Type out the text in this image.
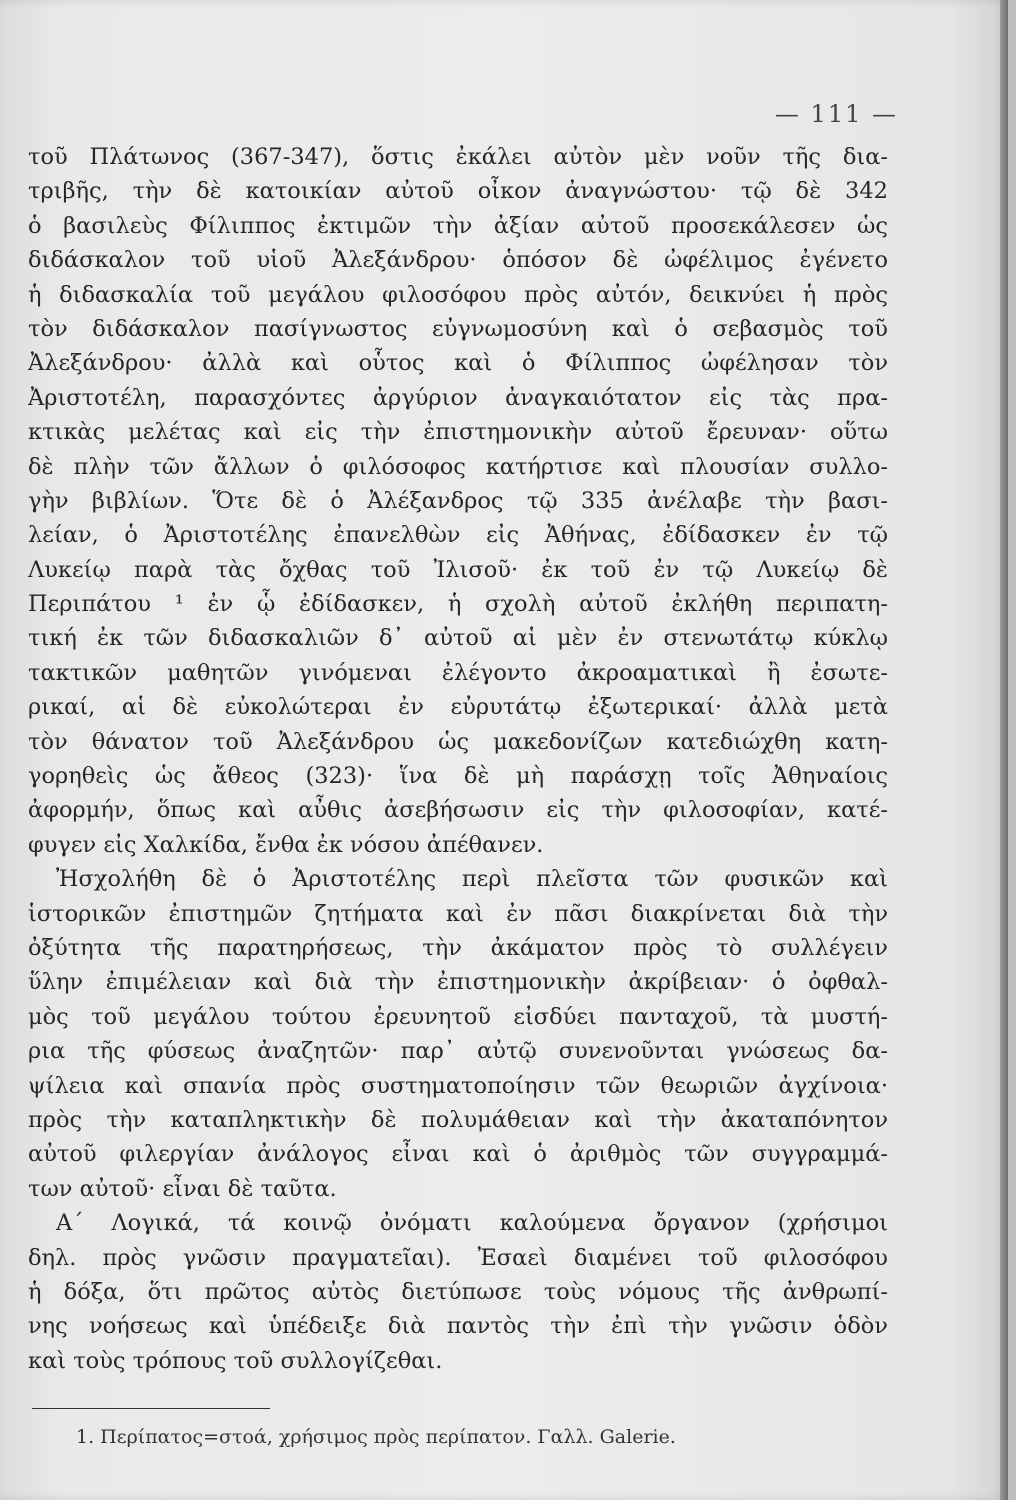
— 111 —
τοῦ Πλάτωνος (367-347), ὅστις ἐκάλει αὐτὸν μὲν νοῦν τῆς δια-
τριβῆς, τὴν δὲ κατοικίαν αὐτοῦ οἶκον ἀναγνώστου· τῷ δὲ 342
ὁ βασιλεὺς Φίλιππος ἐκτιμῶν τὴν ἀξίαν αὐτοῦ προσεκάλεσεν ὡς
διδάσκαλον τοῦ υἱοῦ Ἀλεξάνδρου· ὁπόσον δὲ ὠφέλιμος ἐγένετο
ἡ διδασκαλία τοῦ μεγάλου φιλοσόφου πρὸς αὐτόν, δεικνύει ἡ πρὸς
τὸν διδάσκαλον πασίγνωστος εὐγνωμοσύνη καὶ ὁ σεβασμὸς τοῦ
Ἀλεξάνδρου· ἀλλὰ καὶ οὗτος καὶ ὁ Φίλιππος ὠφέλησαν τὸν
Ἀριστοτέλη, παρασχόντες ἀργύριον ἀναγκαιότατον εἰς τὰς πρα-
κτικὰς μελέτας καὶ εἰς τὴν ἐπιστημονικὴν αὐτοῦ ἔρευναν· οὕτω
δὲ πλὴν τῶν ἄλλων ὁ φιλόσοφος κατήρτισε καὶ πλουσίαν συλλο-
γὴν βιβλίων. Ὅτε δὲ ὁ Ἀλέξανδρος τῷ 335 ἀνέλαβε τὴν βασι-
λείαν, ὁ Ἀριστοτέλης ἐπανελθὼν εἰς Ἀθήνας, ἐδίδασκεν ἐν τῷ
Λυκείῳ παρὰ τὰς ὄχθας τοῦ Ἰλισοῦ· ἐκ τοῦ ἐν τῷ Λυκείῳ δὲ
Περιπάτου ¹ ἐν ᾧ ἐδίδασκεν, ἡ σχολὴ αὐτοῦ ἐκλήθη περιπατη-
τική ἐκ τῶν διδασκαλιῶν δ᾽ αὐτοῦ αἱ μὲν ἐν στενωτάτῳ κύκλῳ
τακτικῶν μαθητῶν γινόμεναι ἐλέγοντο ἀκροαματικαὶ ἢ ἐσωτε-
ρικαί, αἱ δὲ εὐκολώτεραι ἐν εὐρυτάτῳ ἐξωτερικαί· ἀλλὰ μετὰ
τὸν θάνατον τοῦ Ἀλεξάνδρου ὡς μακεδονίζων κατεδιώχθη κατη-
γορηθεὶς ὡς ἄθεος (323)· ἵνα δὲ μὴ παράσχῃ τοῖς Ἀθηναίοις
ἀφορμήν, ὅπως καὶ αὖθις ἀσεβήσωσιν εἰς τὴν φιλοσοφίαν, κατέ-
φυγεν εἰς Χαλκίδα, ἔνθα ἐκ νόσου ἀπέθανεν.
Ἠσχολήθη δὲ ὁ Ἀριστοτέλης περὶ πλεῖστα τῶν φυσικῶν καὶ
ἱστορικῶν ἐπιστημῶν ζητήματα καὶ ἐν πᾶσι διακρίνεται διὰ τὴν
ὀξύτητα τῆς παρατηρήσεως, τὴν ἀκάματον πρὸς τὸ συλλέγειν
ὕλην ἐπιμέλειαν καὶ διὰ τὴν ἐπιστημονικὴν ἀκρίβειαν· ὁ ὀφθαλ-
μὸς τοῦ μεγάλου τούτου ἐρευνητοῦ εἰσδύει πανταχοῦ, τὰ μυστή-
ρια τῆς φύσεως ἀναζητῶν· παρ᾽ αὐτῷ συνενοῦνται γνώσεως δα-
ψίλεια καὶ σπανία πρὸς συστηματοποίησιν τῶν θεωριῶν ἀγχίνοια·
πρὸς τὴν καταπληκτικὴν δὲ πολυμάθειαν καὶ τὴν ἀκαταπόνητον
αὐτοῦ φιλεργίαν ἀνάλογος εἶναι καὶ ὁ ἀριθμὸς τῶν συγγραμμά-
των αὐτοῦ· εἶναι δὲ ταῦτα.
Α΄ Λογικά, τά κοινῷ ὀνόματι καλούμενα ὄργανον (χρήσιμοι
δηλ. πρὸς γνῶσιν πραγματεῖαι). Ἐσαεὶ διαμένει τοῦ φιλοσόφου
ἡ δόξα, ὅτι πρῶτος αὐτὸς διετύπωσε τοὺς νόμους τῆς ἀνθρωπί-
νης νοήσεως καὶ ὑπέδειξε διὰ παντὸς τὴν ἐπὶ τὴν γνῶσιν ὁδὸν
καὶ τοὺς τρόπους τοῦ συλλογίζεθαι.
1. Περίπατος=στοά, χρήσιμος πρὸς περίπατον. Γαλλ. Galerie.
